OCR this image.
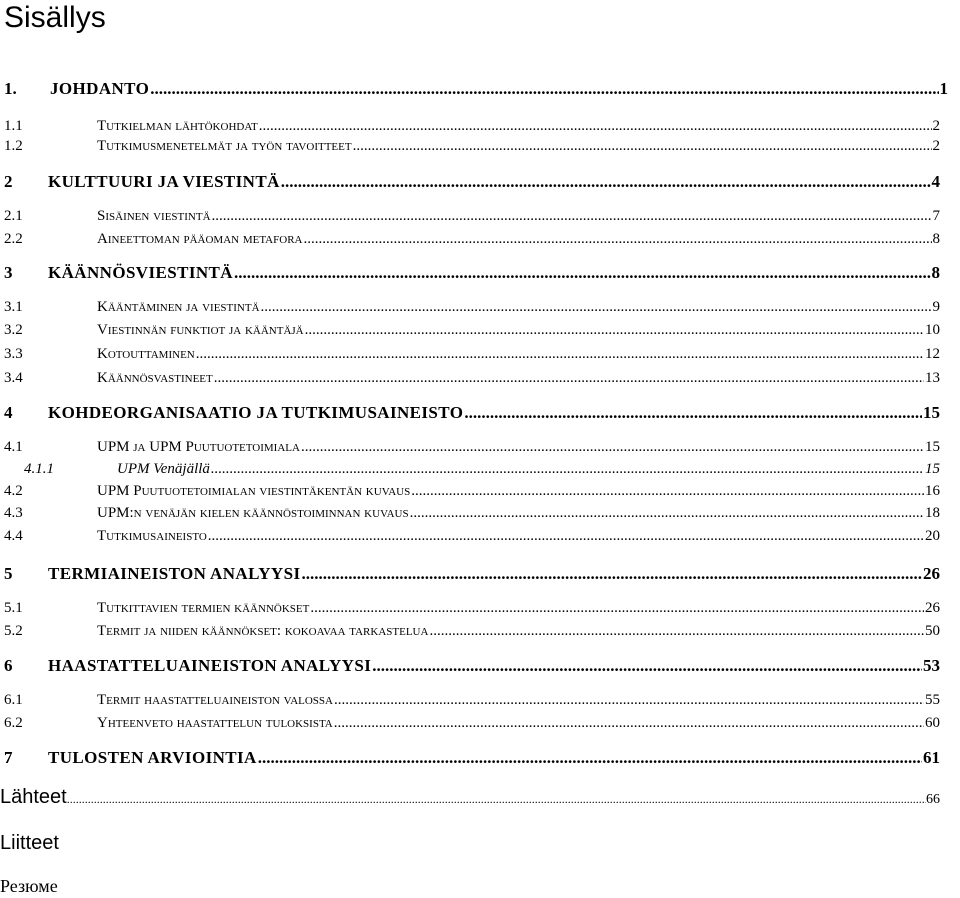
Sisällys
1. JOHDANTO .....	1
1.1	Tutkielman lähtökohdat .....	2
1.2	Tutkimusmenetelmät ja työn tavoitteet .....	2
2 KULTTUURI JA VIESTINTÄ .....	4
2.1	Sisäinen viestintä .....	7
2.2	Aineettoman pääoman metafora .....	8
3 KÄÄNNÖSVIESTINTÄ .....	8
3.1	Kääntäminen ja viestintä .....	9
3.2	Viestinnän funktiot ja kääntäjä .....	10
3.3	Kotouttaminen .....	12
3.4	Käännösvastineet .....	13
4 KOHDEORGANISAATIO JA TUTKIMUSAINEISTO .....	15
4.1	UPM ja UPM Puutuotetoimiala .....	15
4.1.1	UPM Venäjällä .....	15
4.2	UPM Puutuotetoimialan viestintäkentän kuvaus .....	16
4.3	UPM:n venäjän kielen käännöstoiminnan kuvaus .....	18
4.4	Tutkimusaineisto .....	20
5 TERMIAINEISTON ANALYYSI .....	26
5.1	Tutkittavien termien käännökset .....	26
5.2	Termit ja niiden käännökset: kokoavaa tarkastelua .....	50
6 HAASTATTELUAINEISTON ANALYYSI .....	53
6.1	Termit haastatteluaineiston valossa .....	55
6.2	Yhteenveto haastattelun tuloksista .....	60
7 TULOSTEN ARVIOINTIA .....	61
Lähteet .....	66
Liitteet
Резюме
